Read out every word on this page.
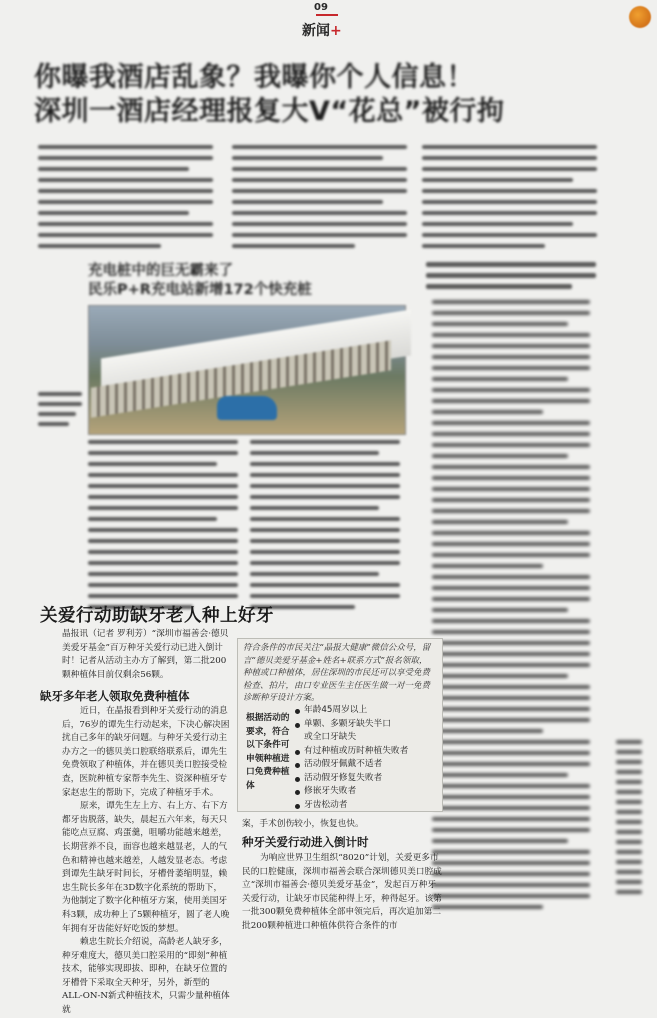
09
新闻+
你曝我酒店乱象？我曝你个人信息！
深圳一酒店经理报复大V“花总”被行拘
充电桩中的巨无霸来了
民乐P+R充电站新增172个快充桩
关爱行动助缺牙老人种上好牙
晶报讯（记者 罗利芳）“深圳市福善会·德贝美爱牙基金”百万种牙关爱行动已进入倒计时！记者从活动主办方了解到，第二批200颗种植体目前仅剩余56颗。
缺牙多年老人领取免费种植体

近日，在晶报看到种牙关爱行动的消息后，76岁的谭先生行动起来，下决心解决困扰自己多年的缺牙问题。与种牙关爱行动主办方之一的德贝美口腔联络联系后，谭先生免费领取了种植体，并在德贝美口腔接受检查，医院种植专家帮李先生、资深种植牙专家赵忠生的帮助下，完成了种植牙手术。

原来，谭先生左上方、右上方、右下方都牙齿脱落，缺失，晨起五六年来，每天只能吃点豆腐、鸡蛋羹，咀嚼功能越来越差，长期营养不良，面容也越来越显老，人的气色和精神也越来越差，人越发显老态。考虑到谭先生缺牙时间长，牙槽骨萎缩明显，赖忠生院长多年在3D数字化系统的帮助下，为他制定了数字化种植牙方案，使用美国牙科3颗，成功种上了5颗种植牙，圆了老人晚年拥有牙齿能好好吃饭的梦想。

赖忠生院长介绍说，高龄老人缺牙多，种牙难度大，德贝美口腔采用的“即刻”种植技术，能够实现即拔、即种，在缺牙位置的牙槽骨下采取全天种牙，另外，新型的ALL-ON-N新式种植技术，只需少量种植体就

符合条件的市民关注“晶报大健康”微信公众号，留言“德贝美爱牙基金+姓名+联系方式”报名领取，种植或口种植体，居住深圳的市民还可以享受免费检查、拍片，由口专业医生主任医生做一对一免费诊断种牙设计方案。
根据活动的要求，符合以下条件可申领种植进口免费种植体
年龄45周岁以上
单颗、多颗牙缺失半口
或全口牙缺失
有过种植或历时种植失败者
活动假牙佩戴不适者
活动假牙修复失败者
修嵌牙失败者
牙齿松动者
案，手术创伤较小，恢复也快。
种牙关爱行动进入倒计时
为响应世界卫生组织“8020”计划，关爱更多市民的口腔健康，深圳市福善会联合深圳德贝美口腔成立“深圳市福善会·德贝美爱牙基金”，发起百万种牙关爱行动，让缺牙市民能种得上牙，种得起牙。该第一批300颗免费种植体全部申领完后，再次追加第二批200颗种植进口种植体供符合条件的市
